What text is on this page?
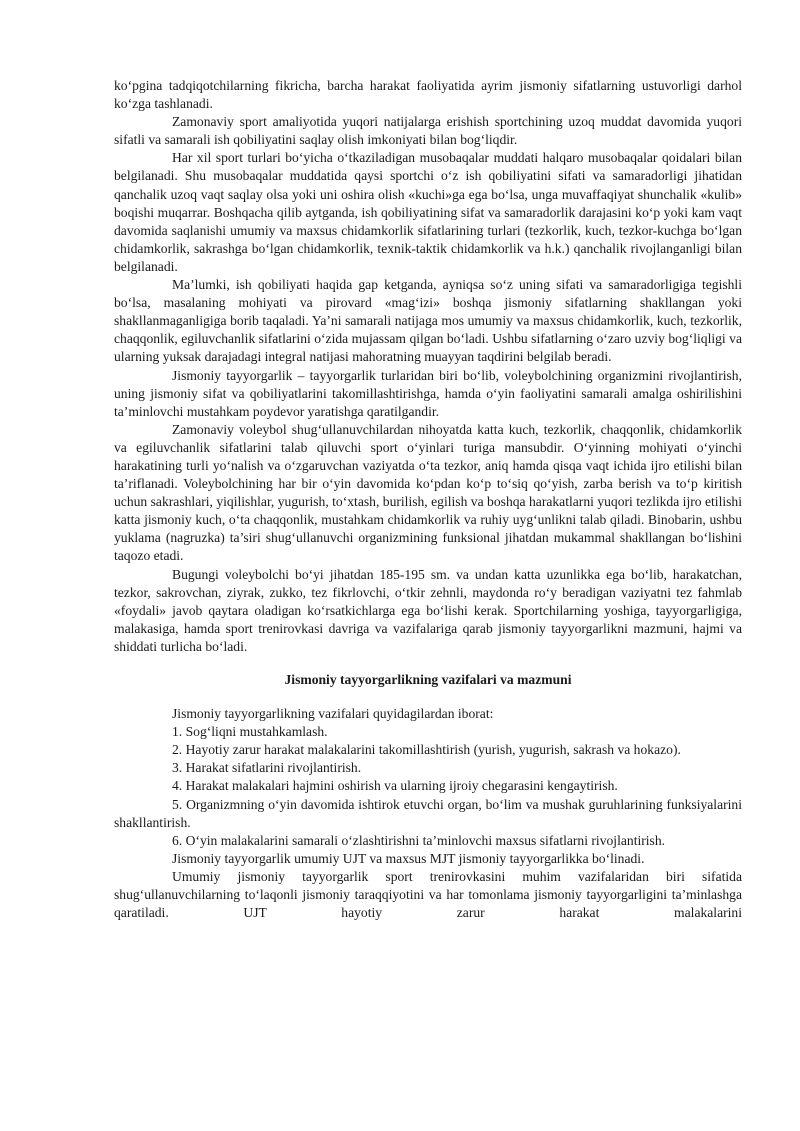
ko‘pgina tadqiqotchilarning fikricha, barcha harakat faoliyatida ayrim jismoniy sifatlarning ustuvorligi darhol ko‘zga tashlanadi.

Zamonaviy sport amaliyotida yuqori natijalarga erishish sportchining uzoq muddat davomida yuqori sifatli va samarali ish qobiliyatini saqlay olish imkoniyati bilan bog‘liqdir.

Har xil sport turlari bo‘yicha o‘tkaziladigan musobaqalar muddati halqaro musobaqalar qoidalari bilan belgilanadi. Shu musobaqalar muddatida qaysi sportchi o‘z ish qobiliyatini sifati va samaradorligi jihatidan qanchalik uzoq vaqt saqlay olsa yoki uni oshira olish «kuchi»ga ega bo‘lsa, unga muvaffaqiyat shunchalik «kulib» boqishi muqarrar. Boshqacha qilib aytganda, ish qobiliyatining sifat va samaradorlik darajasini ko‘p yoki kam vaqt davomida saqlanishi umumiy va maxsus chidamkorlik sifatlarining turlari (tezkorlik, kuch, tezkor-kuchga bo‘lgan chidamkorlik, sakrashga bo‘lgan chidamkorlik, texnik-taktik chidamkorlik va h.k.) qanchalik rivojlanganligi bilan belgilanadi.

Ma’lumki, ish qobiliyati haqida gap ketganda, ayniqsa so‘z uning sifati va samaradorligiga tegishli bo‘lsa, masalaning mohiyati va pirovard «mag‘izi» boshqa jismoniy sifatlarning shakllangan yoki shakllanmaganligiga borib taqaladi. Ya’ni samarali natijaga mos umumiy va maxsus chidamkorlik, kuch, tezkorlik, chaqqonlik, egiluvchanlik sifatlarini o‘zida mujassam qilgan bo‘ladi. Ushbu sifatlarning o‘zaro uzviy bog‘liqligi va ularning yuksak darajadagi integral natijasi mahoratning muayyan taqdirini belgilab beradi.

Jismoniy tayyorgarlik – tayyorgarlik turlaridan biri bo‘lib, voleybolchining organizmini rivojlantirish, uning jismoniy sifat va qobiliyatlarini takomillashtirishga, hamda o‘yin faoliyatini samarali amalga oshirilishini ta’minlovchi mustahkam poydevor yaratishga qaratilgandir.

Zamonaviy voleybol shug‘ullanuvchilardan nihoyatda katta kuch, tezkorlik, chaqqonlik, chidamkorlik va egiluvchanlik sifatlarini talab qiluvchi sport o‘yinlari turiga mansubdir. O‘yinning mohiyati o‘yinchi harakatining turli yo‘nalish va o‘zgaruvchan vaziyatda o‘ta tezkor, aniq hamda qisqa vaqt ichida ijro etilishi bilan ta’riflanadi. Voleybolchining har bir o‘yin davomida ko‘pdan ko‘p to‘siq qo‘yish, zarba berish va to‘p kiritish uchun sakrashlari, yiqilishlar, yugurish, to‘xtash, burilish, egilish va boshqa harakatlarni yuqori tezlikda ijro etilishi katta jismoniy kuch, o‘ta chaqqonlik, mustahkam chidamkorlik va ruhiy uyg‘unlikni talab qiladi. Binobarin, ushbu yuklama (nagruzka) ta’siri shug‘ullanuvchi organizmining funksional jihatdan mukammal shakllangan bo‘lishini taqozo etadi.

Bugungi voleybolchi bo‘yi jihatdan 185-195 sm. va undan katta uzunlikka ega bo‘lib, harakatchan, tezkor, sakrovchan, ziyrak, zukko, tez fikrlovchi, o‘tkir zehnli, maydonda ro‘y beradigan vaziyatni tez fahmlab «foydali» javob qaytara oladigan ko‘rsatkichlarga ega bo‘lishi kerak. Sportchilarning yoshiga, tayyorgarligiga, malakasiga, hamda sport trenirovkasi davriga va vazifalariga qarab jismoniy tayyorgarlikni mazmuni, hajmi va shiddati turlicha bo‘ladi.

Jismoniy tayyorgarlikning vazifalari va mazmuni

Jismoniy tayyorgarlikning vazifalari quyidagilardan iborat:

1. Sog‘liqni mustahkamlash.

2. Hayotiy zarur harakat malakalarini takomillashtirish (yurish, yugurish, sakrash va hokazo).

3. Harakat sifatlarini rivojlantirish.

4. Harakat malakalari hajmini oshirish va ularning ijroiy chegarasini kengaytirish.

5. Organizmning o‘yin davomida ishtirok etuvchi organ, bo‘lim va mushak guruhlarining funksiyalarini shakllantirish.

6. O‘yin malakalarini samarali o‘zlashtirishni ta’minlovchi maxsus sifatlarni rivojlantirish.

Jismoniy tayyorgarlik umumiy UJT va maxsus MJT jismoniy tayyorgarlikka bo‘linadi.

Umumiy jismoniy tayyorgarlik sport trenirovkasini muhim vazifalaridan biri sifatida shug‘ullanuvchilarning to‘laqonli jismoniy taraqqiyotini va har tomonlama jismoniy tayyorgarligini ta’minlashga qaratiladi. UJT hayotiy zarur harakat malakalarini
